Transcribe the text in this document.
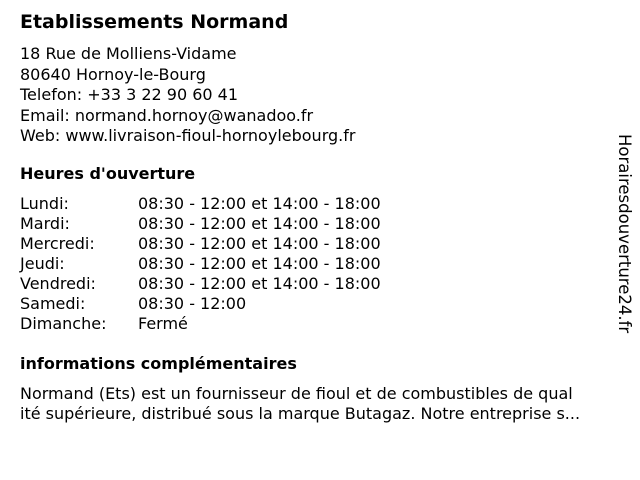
Etablissements Normand
18 Rue de Molliens-Vidame
80640 Hornoy-le-Bourg
Telefon: +33 3 22 90 60 41
Email: normand.hornoy@wanadoo.fr
Web: www.livraison-fioul-hornoylebourg.fr
Heures d'ouverture
Lundi:	08:30 - 12:00 et 14:00 - 18:00
Mardi:	08:30 - 12:00 et 14:00 - 18:00
Mercredi:	08:30 - 12:00 et 14:00 - 18:00
Jeudi:	08:30 - 12:00 et 14:00 - 18:00
Vendredi:	08:30 - 12:00 et 14:00 - 18:00
Samedi:	08:30 - 12:00
Dimanche: Fermé
informations complémentaires
Normand (Ets) est un fournisseur de fioul et de combustibles de qual
ité supérieure, distribué sous la marque Butagaz. Notre entreprise s...
Horairesdouverture24.fr
